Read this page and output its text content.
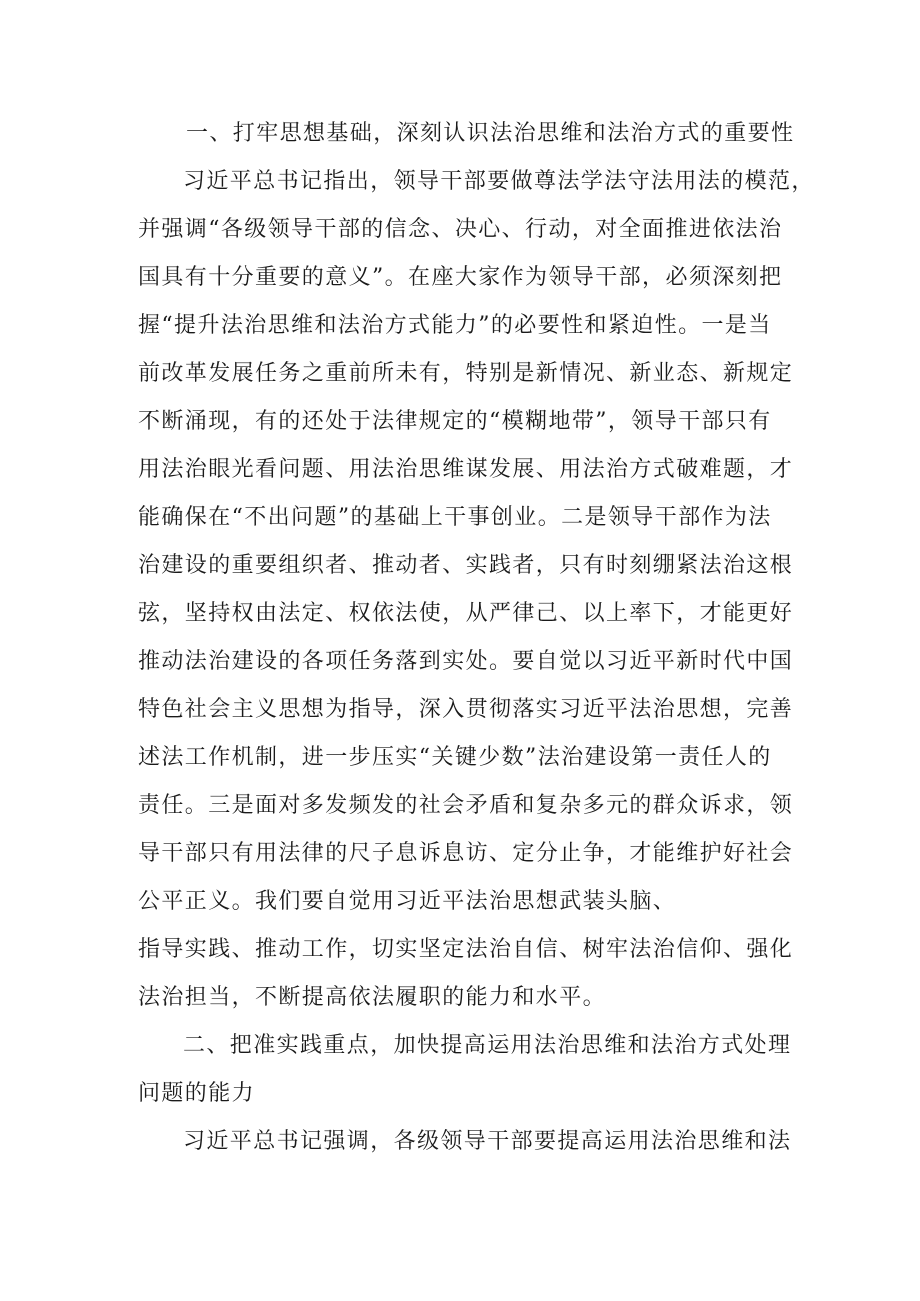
一、打牢思想基础，深刻认识法治思维和法治方式的重要性
习近平总书记指出，领导干部要做尊法学法守法用法的模范，
并强调“各级领导干部的信念、决心、行动，对全面推进依法治
国具有十分重要的意义”。在座大家作为领导干部，必须深刻把
握“提升法治思维和法治方式能力”的必要性和紧迫性。一是当
前改革发展任务之重前所未有，特别是新情况、新业态、新规定
不断涌现，有的还处于法律规定的“模糊地带”，领导干部只有
用法治眼光看问题、用法治思维谋发展、用法治方式破难题，才
能确保在“不出问题”的基础上干事创业。二是领导干部作为法
治建设的重要组织者、推动者、实践者，只有时刻绷紧法治这根
弦，坚持权由法定、权依法使，从严律己、以上率下，才能更好
推动法治建设的各项任务落到实处。要自觉以习近平新时代中国
特色社会主义思想为指导，深入贯彻落实习近平法治思想，完善
述法工作机制，进一步压实“关键少数”法治建设第一责任人的
责任。三是面对多发频发的社会矛盾和复杂多元的群众诉求，领
导干部只有用法律的尺子息诉息访、定分止争，才能维护好社会
公平正义。我们要自觉用习近平法治思想武装头脑、
指导实践、推动工作，切实坚定法治自信、树牢法治信仰、强化
法治担当，不断提高依法履职的能力和水平。
二、把准实践重点，加快提高运用法治思维和法治方式处理
问题的能力
习近平总书记强调，各级领导干部要提高运用法治思维和法
